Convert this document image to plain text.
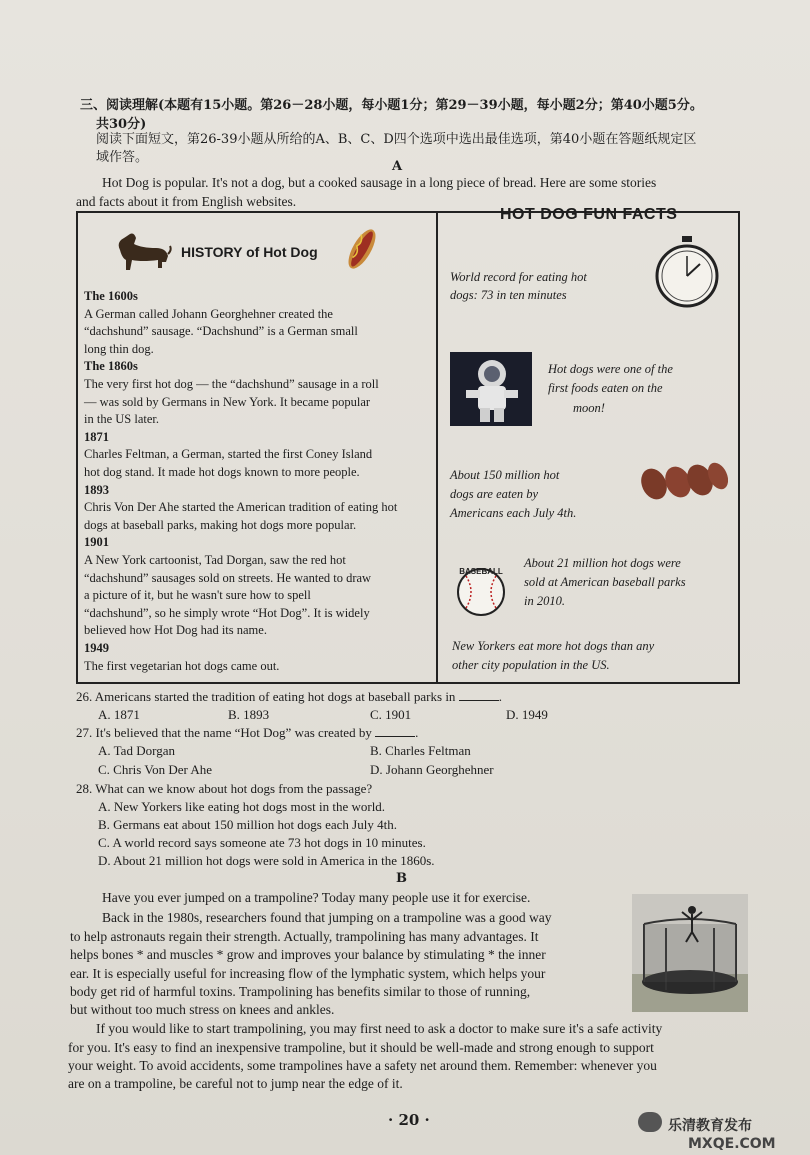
三、阅读理解(本题有15小题。第26－28小题，每小题1分；第29－39小题，每小题2分；第40小题5分。
共30分)
阅读下面短文，第26-39小题从所给的A、B、C、D四个选项中选出最佳选项，第40小题在答题纸规定区
域作答。
A
Hot Dog is popular. It's not a dog, but a cooked sausage in a long piece of bread. Here are some stories
and facts about it from English websites.
HISTORY of Hot Dog
The 1600s
A German called Johann Georghehner created the
“dachshund” sausage. “Dachshund” is a German small
long thin dog.
The 1860s
The very first hot dog — the “dachshund” sausage in a roll
— was sold by Germans in New York. It became popular
in the US later.
1871
Charles Feltman, a German, started the first Coney Island
hot dog stand. It made hot dogs known to more people.
1893
Chris Von Der Ahe started the American tradition of eating hot
dogs at baseball parks, making hot dogs more popular.
1901
A New York cartoonist, Tad Dorgan, saw the red hot
“dachshund” sausages sold on streets. He wanted to draw
a picture of it, but he wasn't sure how to spell
“dachshund”, so he simply wrote “Hot Dog”. It is widely
believed how Hot Dog had its name.
1949
The first vegetarian hot dogs came out.
HOT DOG FUN FACTS
World record for eating hot
dogs: 73 in ten minutes
Hot dogs were one of the
first foods eaten on the
moon!
About 150 million hot
dogs are eaten by
Americans each July 4th.
BASEBALL
About 21 million hot dogs were
sold at American baseball parks
in 2010.
New Yorkers eat more hot dogs than any
other city population in the US.
26. Americans started the tradition of eating hot dogs at baseball parks in	.
A. 1871	B. 1893	C. 1901	D. 1949
27. It's believed that the name “Hot Dog” was created by	.
A. Tad Dorgan	B. Charles Feltman
C. Chris Von Der Ahe	D. Johann Georghehner
28. What can we know about hot dogs from the passage?
A. New Yorkers like eating hot dogs most in the world.
B. Germans eat about 150 million hot dogs each July 4th.
C. A world record says someone ate 73 hot dogs in 10 minutes.
D. About 21 million hot dogs were sold in America in the 1860s.
B
Have you ever jumped on a trampoline? Today many people use it for exercise.
Back in the 1980s, researchers found that jumping on a trampoline was a good way
to help astronauts regain their strength. Actually, trampolining has many advantages. It
helps bones * and muscles * grow and improves your balance by stimulating * the inner
ear. It is especially useful for increasing flow of the lymphatic system, which helps your
body get rid of harmful toxins. Trampolining has benefits similar to those of running,
but without too much stress on knees and ankles.
If you would like to start trampolining, you may first need to ask a doctor to make sure it's a safe activity
for you. It's easy to find an inexpensive trampoline, but it should be well-made and strong enough to support
your weight. To avoid accidents, some trampolines have a safety net around them. Remember: whenever you
are on a trampoline, be careful not to jump near the edge of it.
· 20 ·	乐清教育发布
MXQE.COM
